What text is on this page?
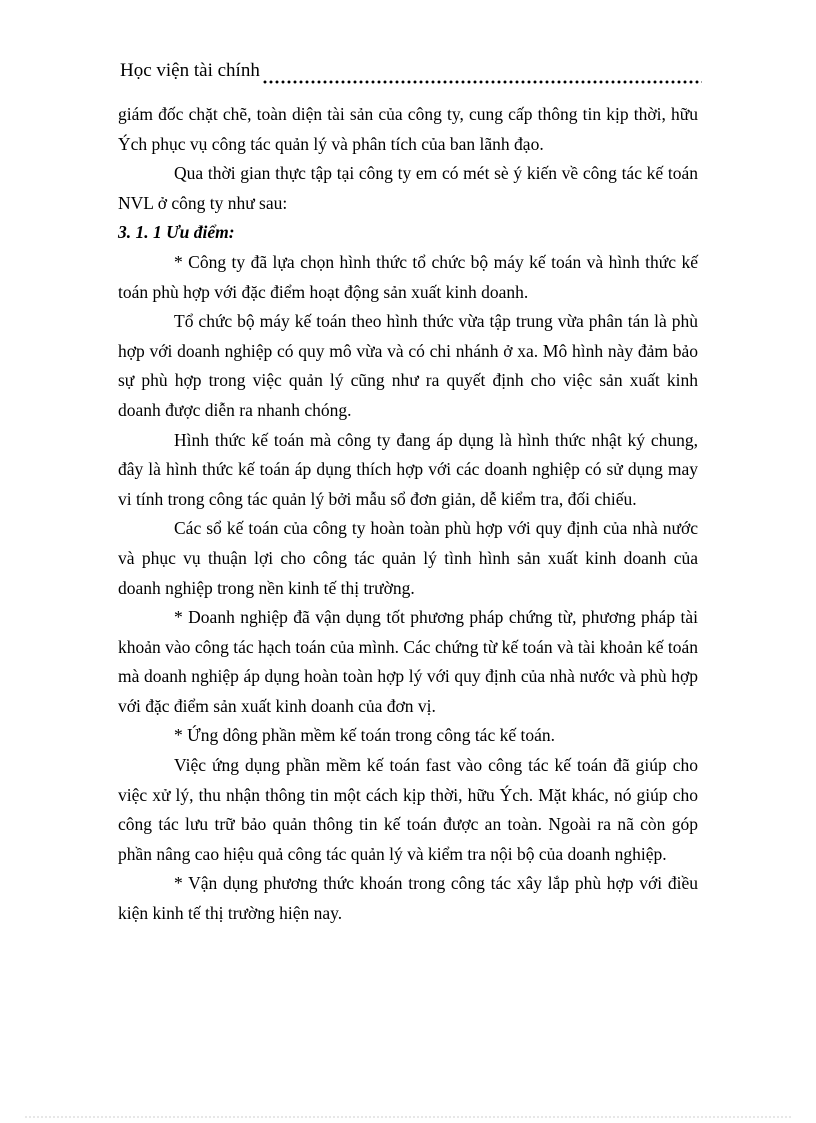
Học viện tài chính

giám đốc chặt chẽ, toàn diện tài sản của công ty, cung cấp thông tin kịp thời, hữu Ých phục vụ công tác quản lý và phân tích của ban lãnh đạo.

Qua thời gian thực tập tại công ty em có mét sè ý kiến về công tác kế toán NVL ở công ty như sau:

3. 1. 1 Ưu điểm:

* Công ty đã lựa chọn hình thức tổ chức bộ máy kế toán và hình thức kế toán phù hợp với đặc điểm hoạt động sản xuất kinh doanh.

Tổ chức bộ máy kế toán theo hình thức vừa tập trung vừa phân tán là phù hợp với doanh nghiệp có quy mô vừa và có chi nhánh ở xa. Mô hình này đảm bảo sự phù hợp trong việc quản lý cũng như ra quyết định cho việc sản xuất kinh doanh được diễn ra nhanh chóng.

Hình thức kế toán mà công ty đang áp dụng là hình thức nhật ký chung, đây là hình thức kế toán áp dụng thích hợp với các doanh nghiệp có sử dụng may vi tính trong công tác quản lý bởi mẫu sổ đơn giản, dễ kiểm tra, đối chiếu.

Các sổ kế toán của công ty hoàn toàn phù hợp với quy định của nhà nước và phục vụ thuận lợi cho công tác quản lý tình hình sản xuất kinh doanh của doanh nghiệp trong nền kinh tế thị trường.

* Doanh nghiệp đã vận dụng tốt phương pháp chứng từ, phương pháp tài khoản vào công tác hạch toán của mình. Các chứng từ kế toán và tài khoản kế toán mà doanh nghiệp áp dụng hoàn toàn hợp lý với quy định của nhà nước và phù hợp với đặc điểm sản xuất kinh doanh của đơn vị.

* Ứng dông phần mềm kế toán trong công tác kế toán.

Việc ứng dụng phần mềm kế toán fast vào công tác kế toán đã giúp cho việc xử lý, thu nhận thông tin một cách kịp thời, hữu Ých. Mặt khác, nó giúp cho công tác lưu trữ bảo quản thông tin kế toán được an toàn. Ngoài ra nã còn góp phần nâng cao hiệu quả công tác quản lý và kiểm tra nội bộ của doanh nghiệp.

* Vận dụng phương thức khoán trong công tác xây lắp phù hợp với điều kiện kinh tế thị trường hiện nay.
